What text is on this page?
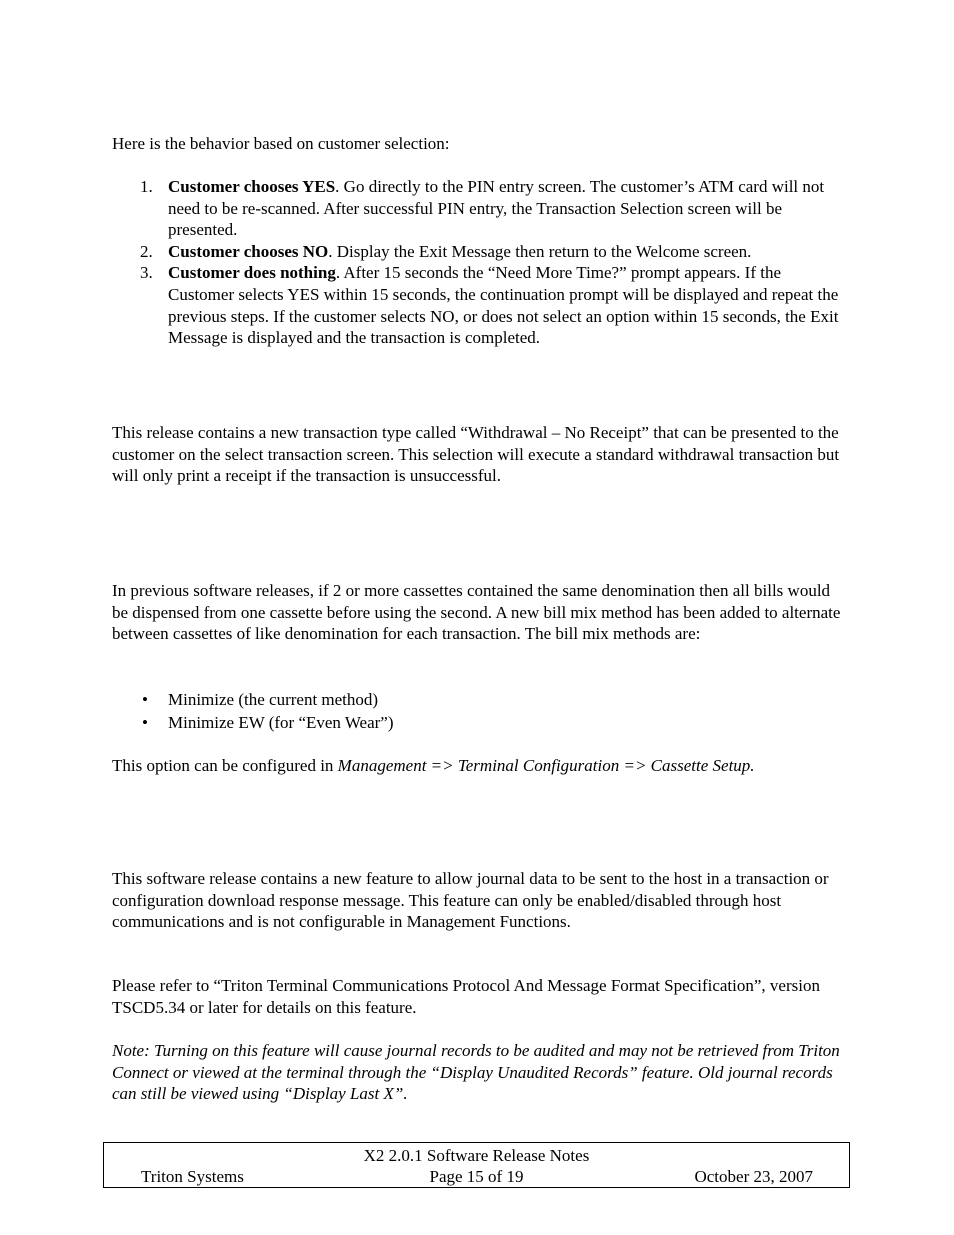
Here is the behavior based on customer selection:

1. Customer chooses YES. Go directly to the PIN entry screen. The customer’s ATM card will not need to be re-scanned. After successful PIN entry, the Transaction Selection screen will be presented.
2. Customer chooses NO. Display the Exit Message then return to the Welcome screen.
3. Customer does nothing. After 15 seconds the “Need More Time?” prompt appears. If the Customer selects YES within 15 seconds, the continuation prompt will be displayed and repeat the previous steps. If the customer selects NO, or does not select an option within 15 seconds, the Exit Message is displayed and the transaction is completed.

This release contains a new transaction type called “Withdrawal – No Receipt” that can be presented to the customer on the select transaction screen. This selection will execute a standard withdrawal transaction but will only print a receipt if the transaction is unsuccessful.

In previous software releases, if 2 or more cassettes contained the same denomination then all bills would be dispensed from one cassette before using the second. A new bill mix method has been added to alternate between cassettes of like denomination for each transaction. The bill mix methods are:

• Minimize (the current method)
• Minimize EW (for “Even Wear”)

This option can be configured in Management => Terminal Configuration => Cassette Setup.

This software release contains a new feature to allow journal data to be sent to the host in a transaction or configuration download response message. This feature can only be enabled/disabled through host communications and is not configurable in Management Functions.

Please refer to “Triton Terminal Communications Protocol And Message Format Specification”, version TSCD5.34 or later for details on this feature.

Note: Turning on this feature will cause journal records to be audited and may not be retrieved from Triton Connect or viewed at the terminal through the “Display Unaudited Records” feature. Old journal records can still be viewed using “Display Last X”.

X2 2.0.1 Software Release Notes
Triton Systems	Page 15 of 19	October 23, 2007
